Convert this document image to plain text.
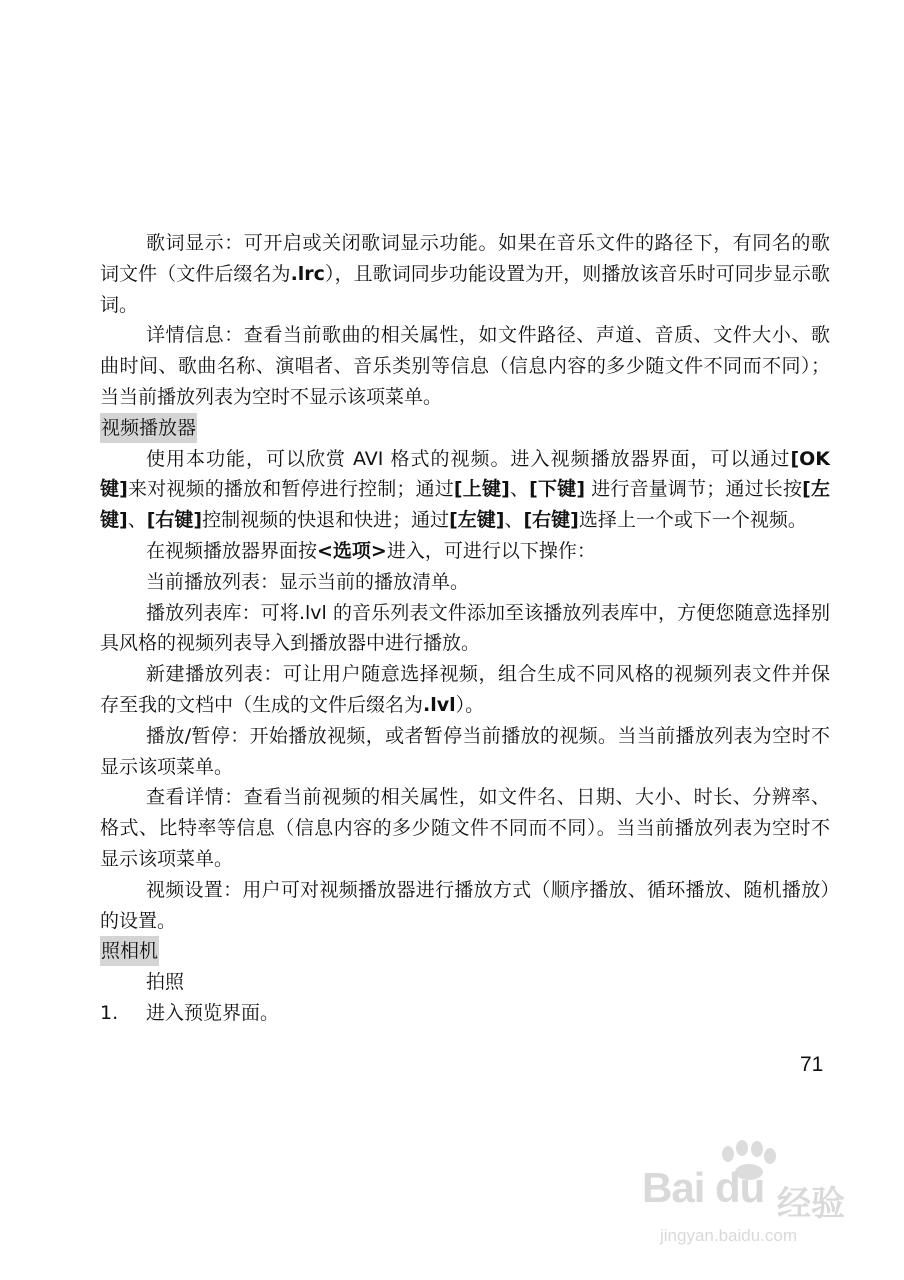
歌词显示：可开启或关闭歌词显示功能。如果在音乐文件的路径下，有同名的歌词文件（文件后缀名为.lrc），且歌词同步功能设置为开，则播放该音乐时可同步显示歌词。

详情信息：查看当前歌曲的相关属性，如文件路径、声道、音质、文件大小、歌曲时间、歌曲名称、演唱者、音乐类别等信息（信息内容的多少随文件不同而不同）；当当前播放列表为空时不显示该项菜单。

视频播放器

使用本功能，可以欣赏 AVI 格式的视频。进入视频播放器界面，可以通过[OK 键]来对视频的播放和暂停进行控制；通过[上键]、[下键] 进行音量调节；通过长按[左键]、[右键]控制视频的快退和快进；通过[左键]、[右键]选择上一个或下一个视频。

在视频播放器界面按<选项>进入，可进行以下操作：

当前播放列表：显示当前的播放清单。

播放列表库：可将.lvl 的音乐列表文件添加至该播放列表库中，方便您随意选择别具风格的视频列表导入到播放器中进行播放。

新建播放列表：可让用户随意选择视频，组合生成不同风格的视频列表文件并保存至我的文档中（生成的文件后缀名为.lvl）。

播放/暂停：开始播放视频，或者暂停当前播放的视频。当当前播放列表为空时不显示该项菜单。

查看详情：查看当前视频的相关属性，如文件名、日期、大小、时长、分辨率、格式、比特率等信息（信息内容的多少随文件不同而不同）。当当前播放列表为空时不显示该项菜单。

视频设置：用户可对视频播放器进行播放方式（顺序播放、循环播放、随机播放）的设置。

照相机

拍照

1.	进入预览界面。
71
Bai du 经验
jingyan.baidu.com
